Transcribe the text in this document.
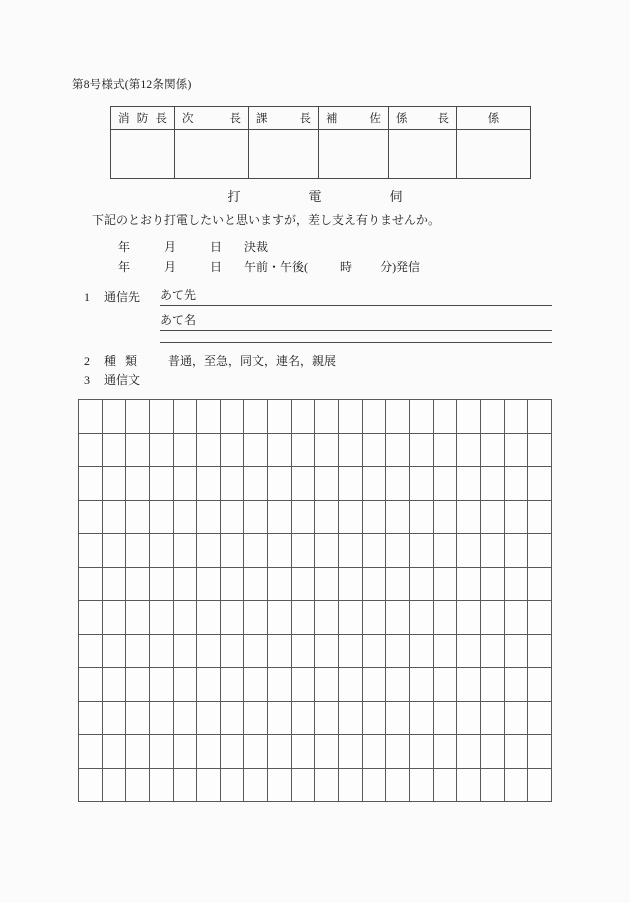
第8号様式(第12条関係)
消 防 長	次 長	課 長	補 佐	係 長	係

打	電	伺
下記のとおり打電したいと思いますが，差し支え有りませんか。
年	月	日 決裁
年	月	日 午前・午後(	時 分)発信
1 通信先 あて先
あて名
2 種類 普通，至急，同文，連名，親展
3 通信文
